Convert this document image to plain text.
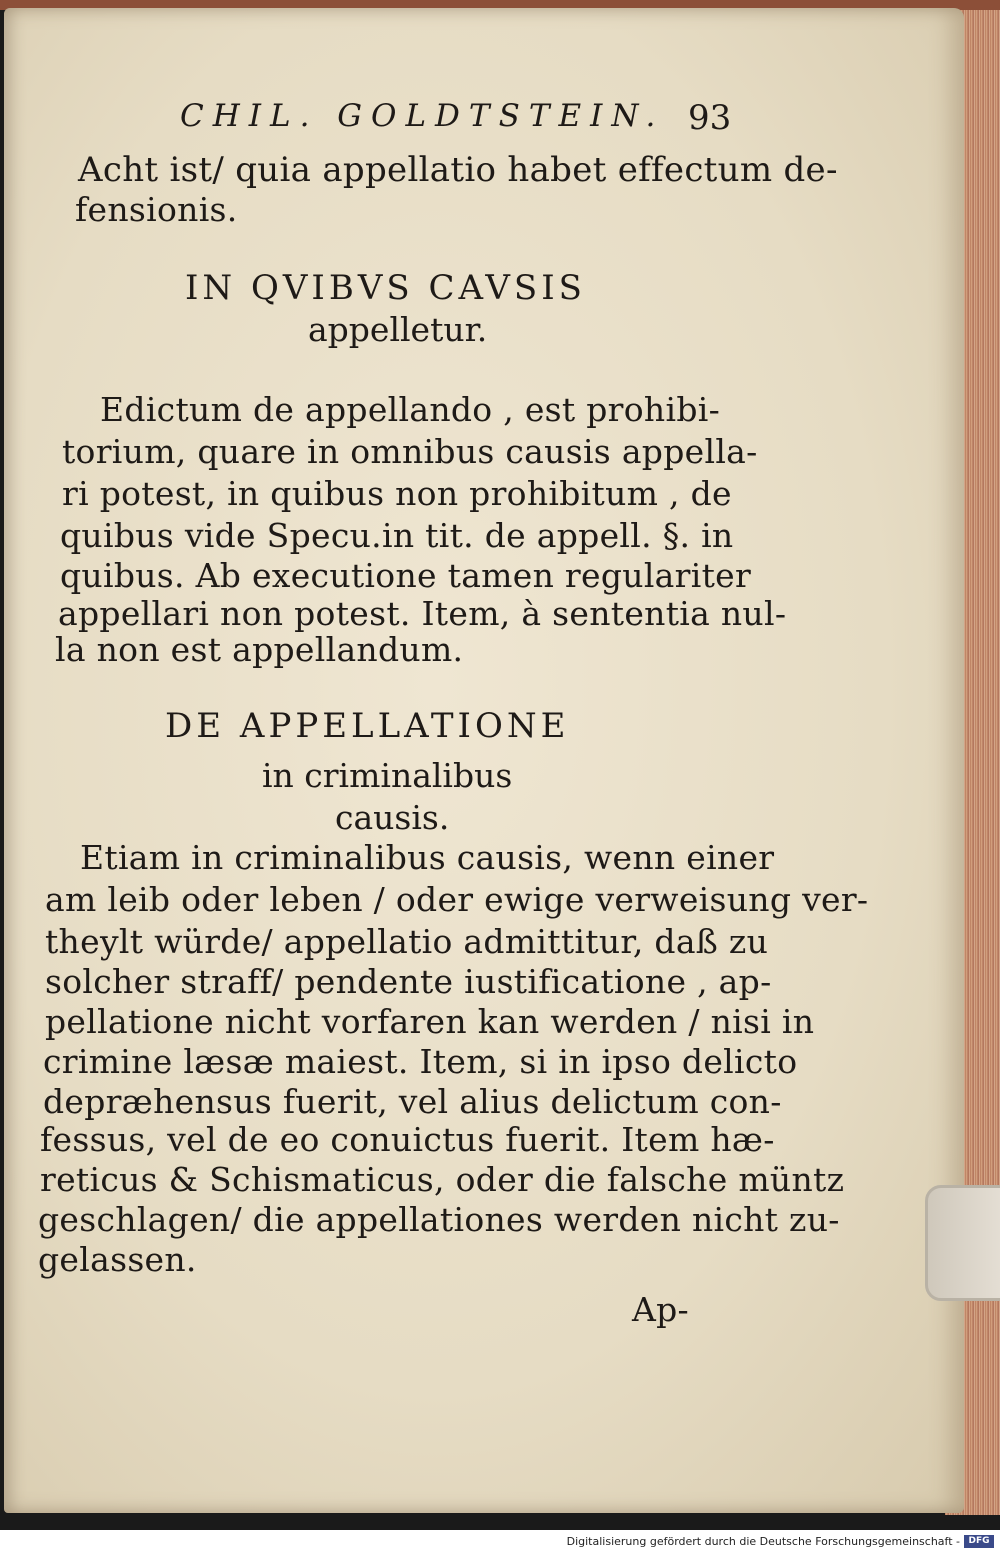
CHIL. GOLDTSTEIN. 93
Acht ist/ quia appellatio habet effectum de-
fensionis.
IN QVIBVS CAVSIS
appelletur.
Edictum de appellando , est prohibi-
torium, quare in omnibus causis appella-
ri potest, in quibus non prohibitum , de
quibus vide Specu.in tit. de appell. §. in
quibus. Ab executione tamen regulariter
appellari non potest. Item, à sententia nul-
la non est appellandum.
DE APPELLATIONE
in criminalibus
causis.
Etiam in criminalibus causis, wenn einer
am leib oder leben / oder ewige verweisung ver-
theylt würde/ appellatio admittitur, daß zu
solcher straff/ pendente iustificatione , ap-
pellatione nicht vorfaren kan werden / nisi in
crimine læsæ maiest. Item, si in ipso delicto
depræhensus fuerit, vel alius delictum con-
fessus, vel de eo conuictus fuerit. Item hæ-
reticus & Schismaticus, oder die falsche müntz
geschlagen/ die appellationes werden nicht zu-
gelassen.
Ap-
Digitalisierung gefördert durch die Deutsche Forschungsgemeinschaft - DFG
